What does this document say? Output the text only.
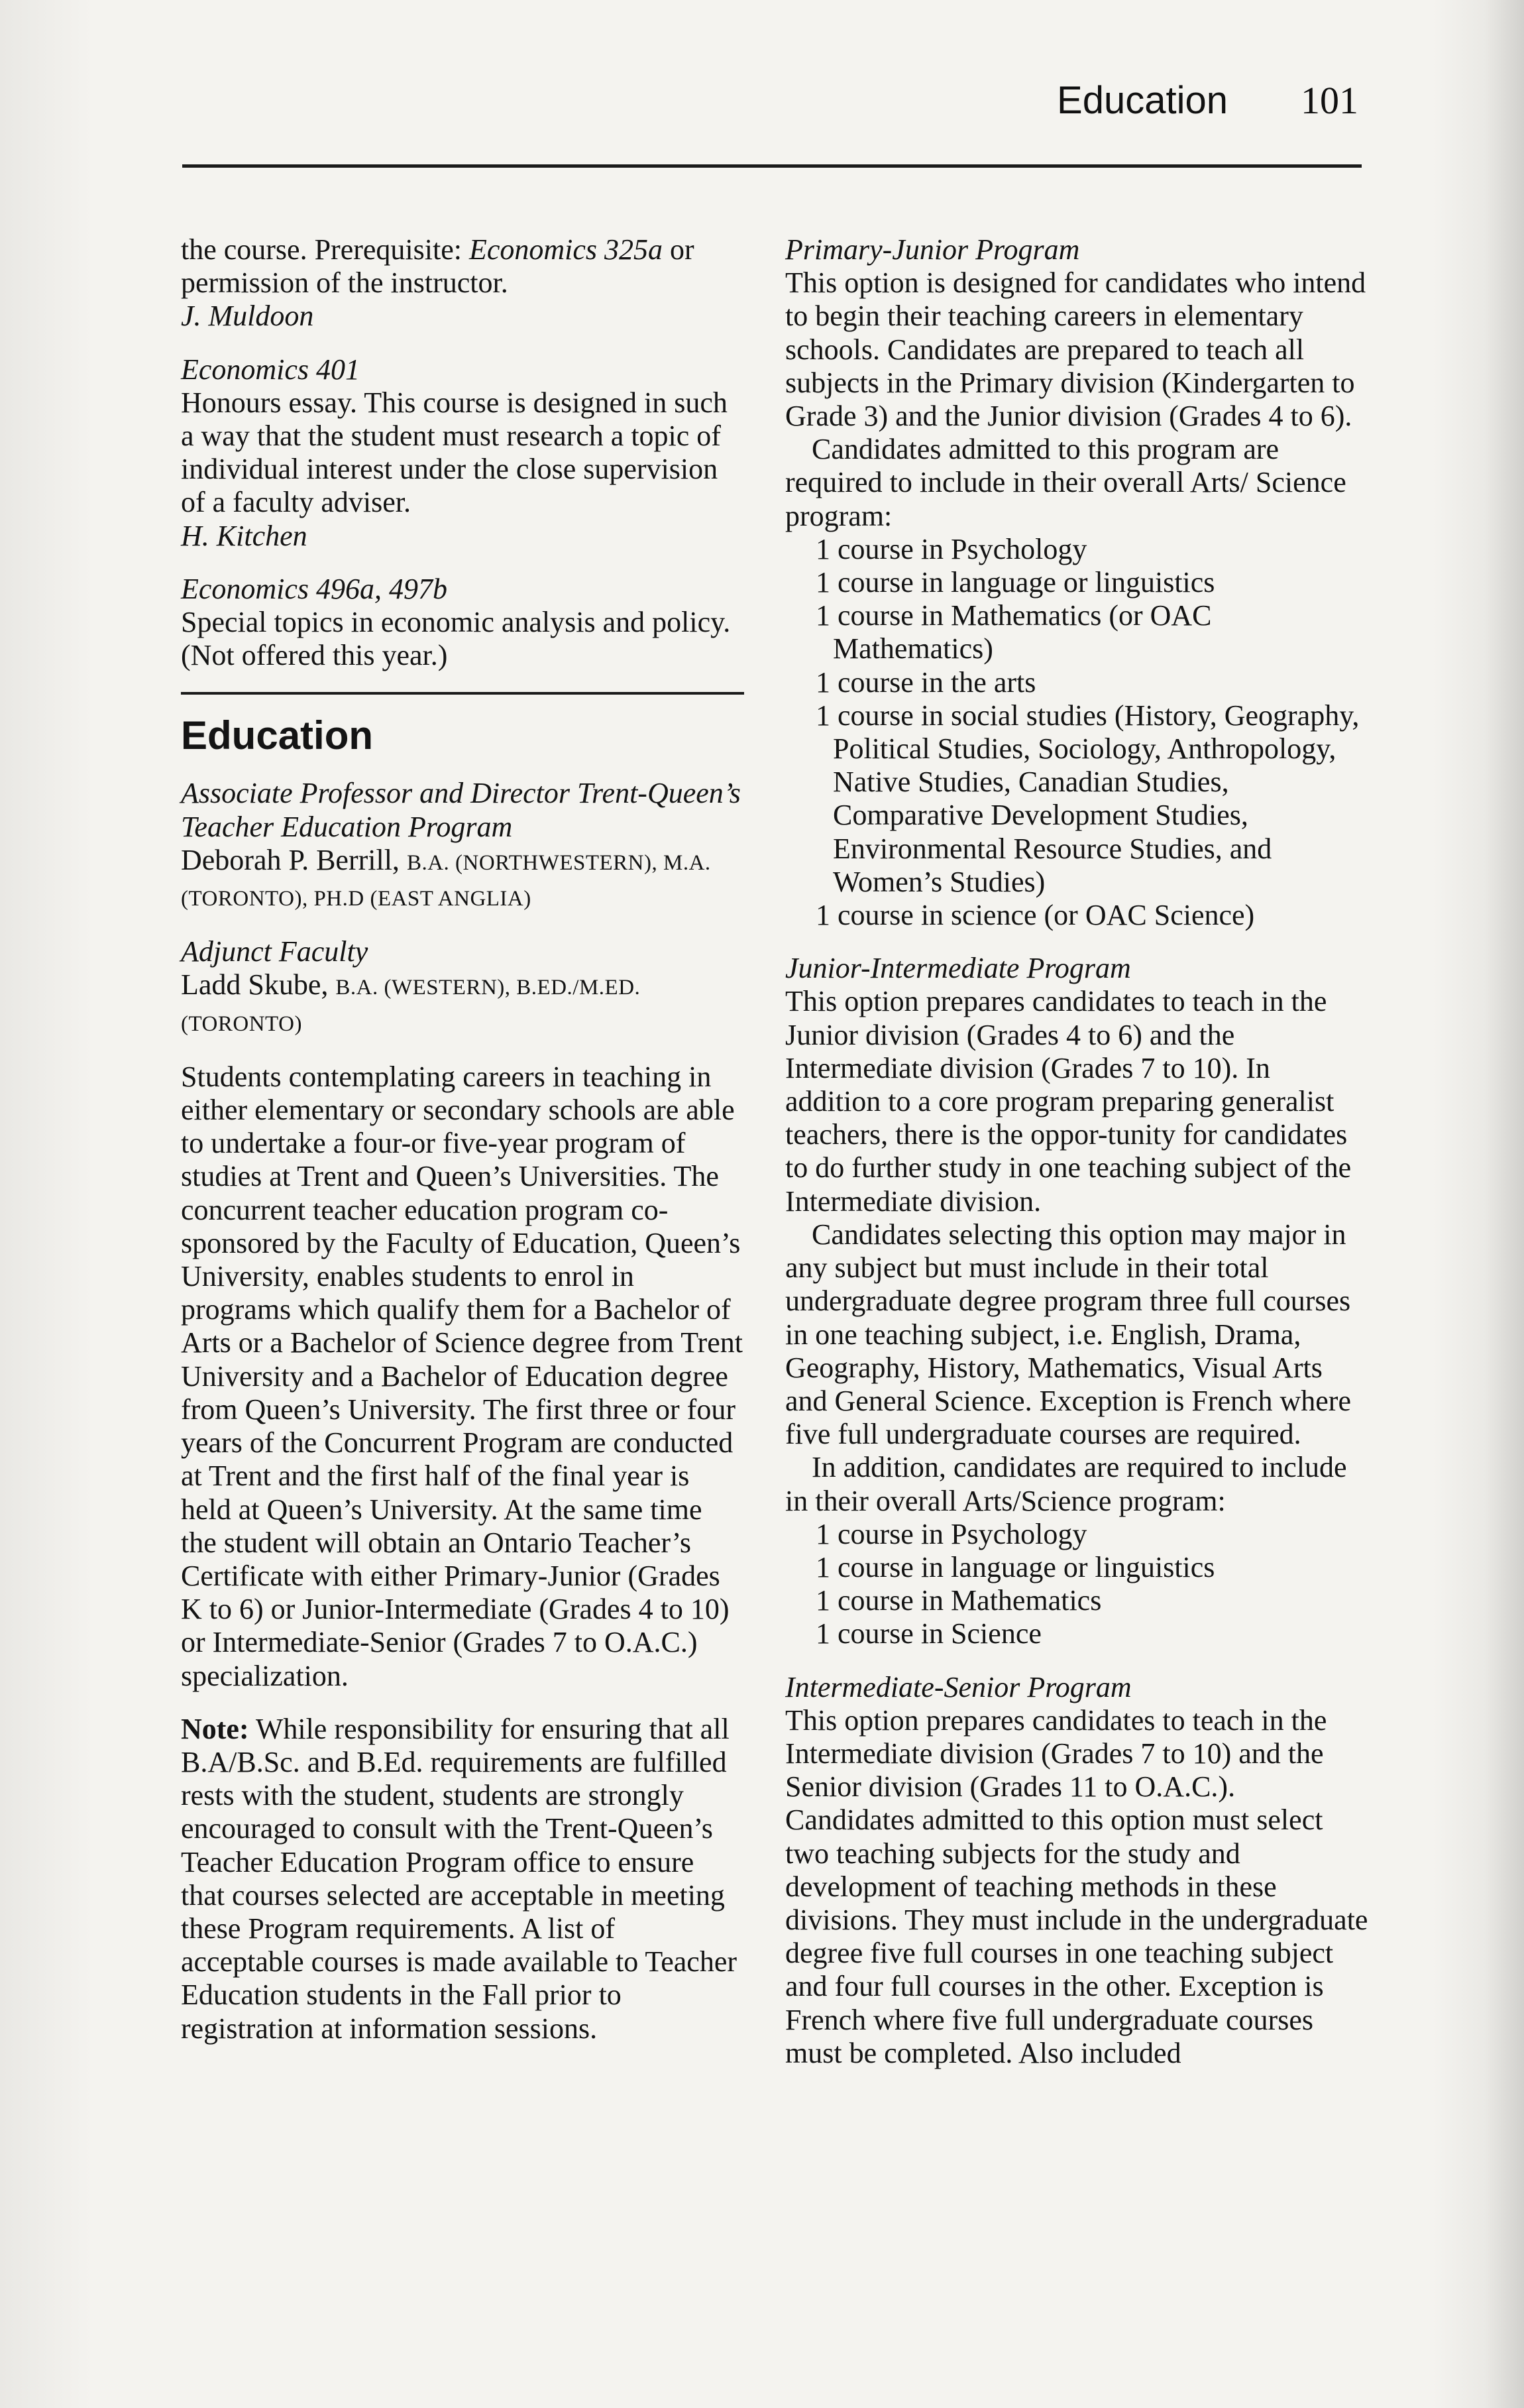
Education 101

the course. Prerequisite: Economics 325a or permission of the instructor.

J. Muldoon

Economics 401

Honours essay. This course is designed in such a way that the student must research a topic of individual interest under the close supervision of a faculty adviser.

H. Kitchen

Economics 496a, 497b

Special topics in economic analysis and policy. (Not offered this year.)

Education

Associate Professor and Director Trent-Queen’s Teacher Education Program

Deborah P. Berrill, B.A. (NORTHWESTERN), M.A. (TORONTO), PH.D (EAST ANGLIA)

Adjunct Faculty

Ladd Skube, B.A. (WESTERN), B.ED./M.ED. (TORONTO)

Students contemplating careers in teaching in either elementary or secondary schools are able to undertake a four-or five-year program of studies at Trent and Queen’s Universities. The concurrent teacher education program co-sponsored by the Faculty of Education, Queen’s University, enables students to enrol in programs which qualify them for a Bachelor of Arts or a Bachelor of Science degree from Trent University and a Bachelor of Education degree from Queen’s University. The first three or four years of the Concurrent Program are conducted at Trent and the first half of the final year is held at Queen’s University. At the same time the student will obtain an Ontario Teacher’s Certificate with either Primary-Junior (Grades K to 6) or Junior-Intermediate (Grades 4 to 10) or Intermediate-Senior (Grades 7 to O.A.C.) specialization.

Note: While responsibility for ensuring that all B.A/B.Sc. and B.Ed. requirements are fulfilled rests with the student, students are strongly encouraged to consult with the Trent-Queen’s Teacher Education Program office to ensure that courses selected are acceptable in meeting these Program requirements. A list of acceptable courses is made available to Teacher Education students in the Fall prior to registration at information sessions.

Primary-Junior Program

This option is designed for candidates who intend to begin their teaching careers in elementary schools. Candidates are prepared to teach all subjects in the Primary division (Kindergarten to Grade 3) and the Junior division (Grades 4 to 6).

Candidates admitted to this program are required to include in their overall Arts/ Science program:

1 course in Psychology

1 course in language or linguistics

1 course in Mathematics (or OAC Mathematics)

1 course in the arts

1 course in social studies (History, Geography, Political Studies, Sociology, Anthropology, Native Studies, Canadian Studies, Comparative Development Studies, Environmental Resource Studies, and Women’s Studies)

1 course in science (or OAC Science)

Junior-Intermediate Program

This option prepares candidates to teach in the Junior division (Grades 4 to 6) and the Intermediate division (Grades 7 to 10). In addition to a core program preparing generalist teachers, there is the oppor-tunity for candidates to do further study in one teaching subject of the Intermediate division.

Candidates selecting this option may major in any subject but must include in their total undergraduate degree program three full courses in one teaching subject, i.e. English, Drama, Geography, History, Mathematics, Visual Arts and General Science. Exception is French where five full undergraduate courses are required.

In addition, candidates are required to include in their overall Arts/Science program:

1 course in Psychology

1 course in language or linguistics

1 course in Mathematics

1 course in Science

Intermediate-Senior Program

This option prepares candidates to teach in the Intermediate division (Grades 7 to 10) and the Senior division (Grades 11 to O.A.C.). Candidates admitted to this option must select two teaching subjects for the study and development of teaching methods in these divisions. They must include in the undergraduate degree five full courses in one teaching subject and four full courses in the other. Exception is French where five full undergraduate courses must be completed. Also included
